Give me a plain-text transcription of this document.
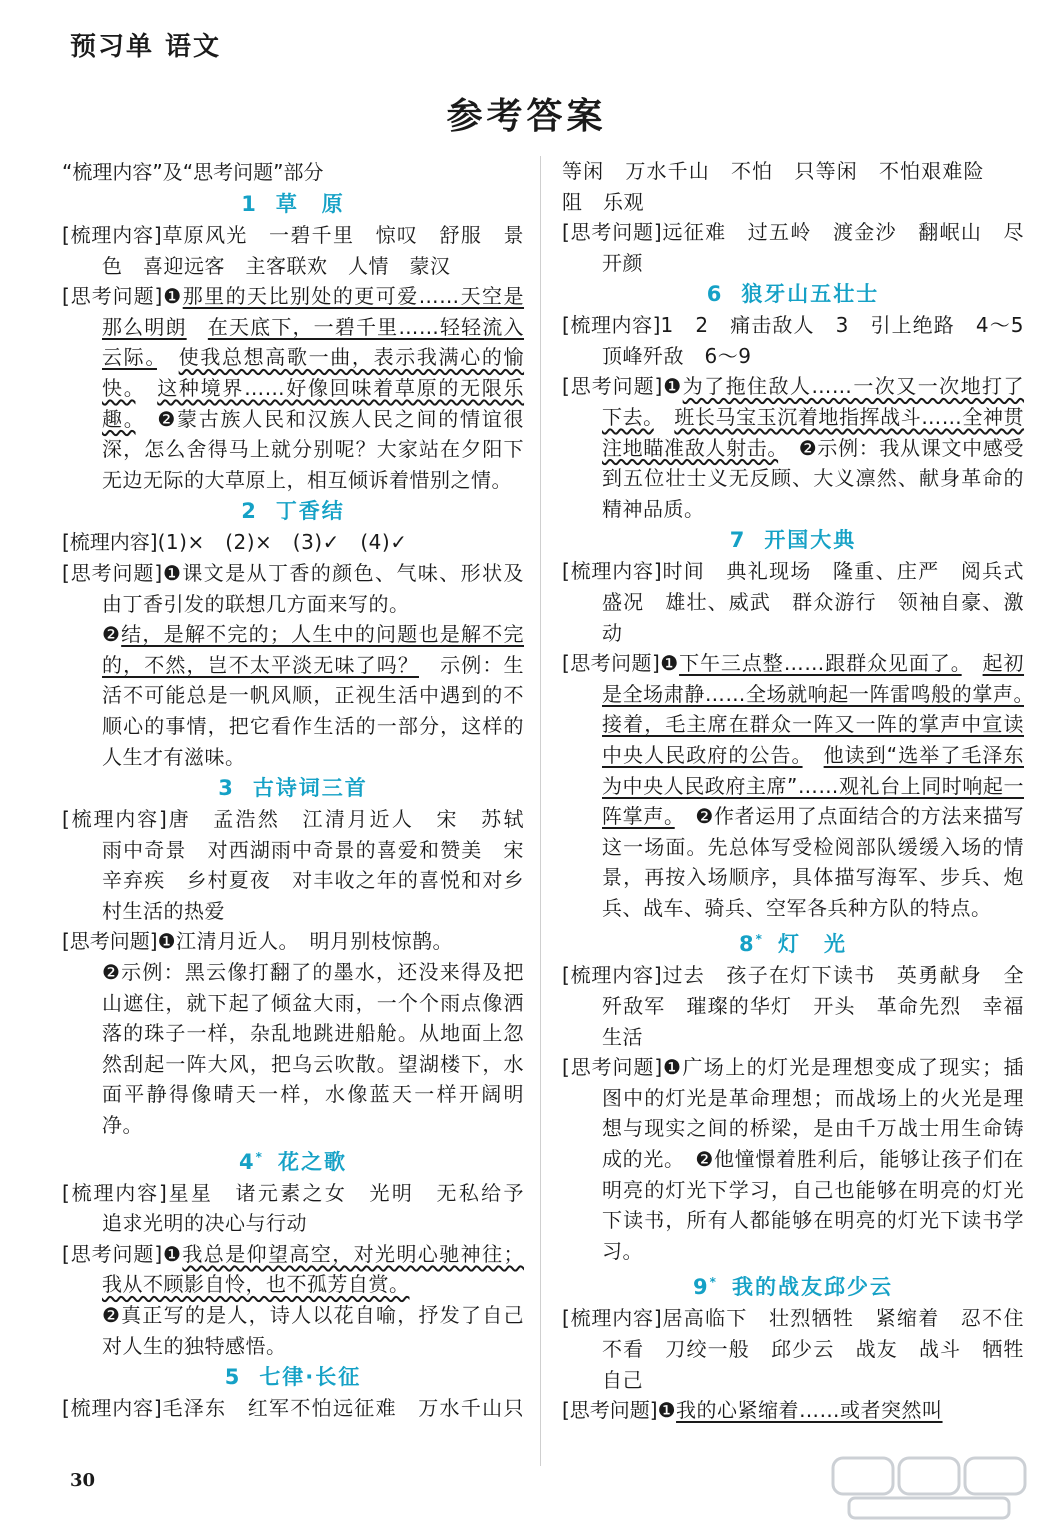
预习单 语文
参考答案
“梳理内容”及“思考问题”部分
1 草　原
[梳理内容]草原风光　一碧千里　惊叹　舒服　景色　喜迎远客　主客联欢　人情　蒙汉
[思考问题]❶那里的天比别处的更可爱……天空是那么明朗　 在天底下，一碧千里……轻轻流入云际。　 使我总想高歌一曲，表示我满心的愉快。　 这种境界……好像回味着草原的无限乐趣。　❷蒙古族人民和汉族人民之间的情谊很深，怎么舍得马上就分别呢？大家站在夕阳下无边无际的大草原上，相互倾诉着惜别之情。
2 丁香结
[梳理内容](1)×　(2)×　(3)✓　(4)✓
[思考问题]❶课文是从丁香的颜色、气味、形状及由丁香引发的联想几方面来写的。
❷结，是解不完的；人生中的问题也是解不完的，不然，岂不太平淡无味了吗？　示例：生活不可能总是一帆风顺，正视生活中遇到的不顺心的事情，把它看作生活的一部分，这样的人生才有滋味。
3 古诗词三首
[梳理内容]唐　孟浩然　江清月近人　宋　苏轼　雨中奇景　对西湖雨中奇景的喜爱和赞美　宋　辛弃疾　乡村夏夜　对丰收之年的喜悦和对乡村生活的热爱
[思考问题]❶江清月近人。　明月别枝惊鹊。
❷示例：黑云像打翻了的墨水，还没来得及把山遮住，就下起了倾盆大雨，一个个雨点像洒落的珠子一样，杂乱地跳进船舱。从地面上忽然刮起一阵大风，把乌云吹散。望湖楼下，水面平静得像晴天一样，水像蓝天一样开阔明净。
4* 花之歌
[梳理内容]星星　诸元素之女　光明　无私给予　追求光明的决心与行动
[思考问题]❶我总是仰望高空，对光明心驰神往；我从不顾影自怜，也不孤芳自赏。
❷真正写的是人，诗人以花自喻，抒发了自己对人生的独特感悟。
5 七律·长征
[梳理内容]毛泽东　红军不怕远征难　万水千山只　　　　　
　　等闲　万水千山　不怕　只等闲　不怕艰难险阻　乐观
[思考问题]远征难　过五岭　渡金沙　翻岷山　尽开颜
6 狼牙山五壮士
[梳理内容]1　2　痛击敌人　3　引上绝路　4～5　顶峰歼敌　6～9
[思考问题]❶为了拖住敌人……一次又一次地打了下去。　 班长马宝玉沉着地指挥战斗……全神贯注地瞄准敌人射击。　❷示例：我从课文中感受到五位壮士义无反顾、大义凛然、献身革命的精神品质。
7 开国大典
[梳理内容]时间　典礼现场　隆重、庄严　阅兵式盛况　雄壮、威武　群众游行　领袖自豪、激动
[思考问题]❶下午三点整……跟群众见面了。　 起初是全场肃静……全场就响起一阵雷鸣般的掌声。　接着，毛主席在群众一阵又一阵的掌声中宣读中央人民政府的公告。　 他读到“选举了毛泽东为中央人民政府主席”……观礼台上同时响起一阵掌声。　❷作者运用了点面结合的方法来描写这一场面。先总体写受检阅部队缓缓入场的情景，再按入场顺序，具体描写海军、步兵、炮兵、战车、骑兵、空军各兵种方队的特点。
8* 灯　光
[梳理内容]过去　孩子在灯下读书　英勇献身　全歼敌军　璀璨的华灯　开头　革命先烈　幸福生活
[思考问题]❶广场上的灯光是理想变成了现实；插图中的灯光是革命理想；而战场上的火光是理想与现实之间的桥梁，是由千万战士用生命铸成的光。　❷他憧憬着胜利后，能够让孩子们在明亮的灯光下学习，自己也能够在明亮的灯光下读书，所有人都能够在明亮的灯光下读书学习。
9* 我的战友邱少云
[梳理内容]居高临下　壮烈牺牲　紧缩着　忍不住不看　刀绞一般　邱少云　战友　战斗　牺牲自己
[思考问题]❶我的心紧缩着……或者突然叫
30
